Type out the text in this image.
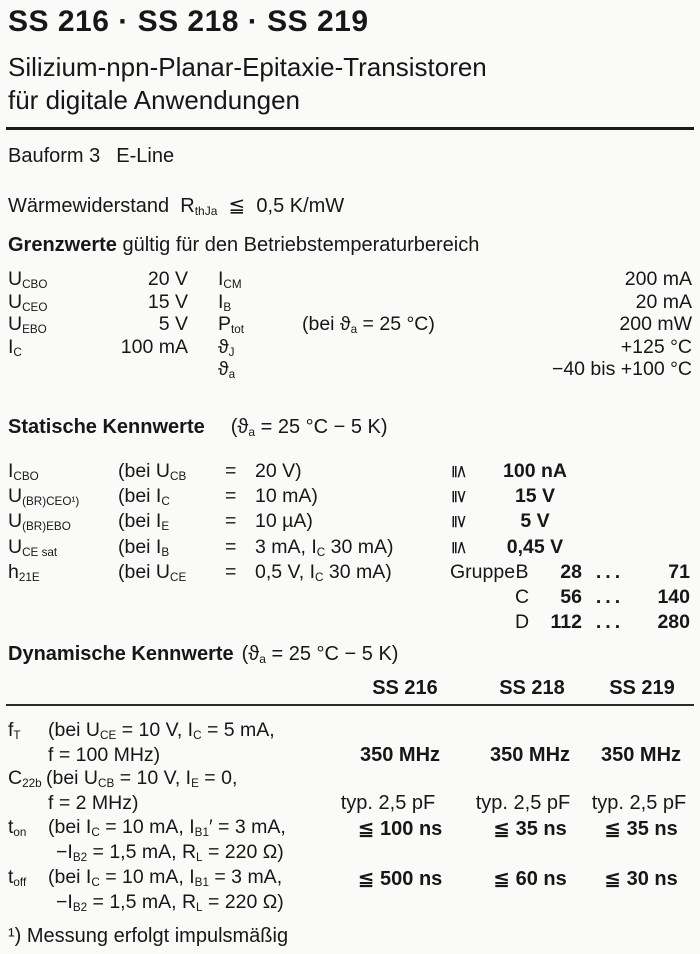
SS 216 · SS 218 · SS 219
Silizium-npn-Planar-Epitaxie-Transistoren
für digitale Anwendungen
Bauform 3 E-Line
Wärmewiderstand  $R_{thJa}$  ≦  0,5 K/mW
Grenzwerte gültig für den Betriebstemperaturbereich
$U_{CBO}$	20 V $I_{CM}$	200 mA
$U_{CEO}$	15 V $I_B$	20 mA
$U_{EBO}$	5 V $P_{tot}$	(bei $ϑ_a = 25$ °C)	200 mW
$I_C$	100 mA $ϑ_J$	+125 °C
$ϑ_a$	−40 bis +100 °C
Statische Kennwerte ($ϑ_a = 25$ °C − 5 K)
$I_{CBO}$	(bei $U_{CB}$	= 20 V)	≦	100 nA
$U_{(BR)CEO^1)}$	(bei $I_C$	= 10 mA)	≧	15 V
$U_{(BR)EBO}$	(bei $I_E$	= 10 µA)	≧	5 V
$U_{CE sat}$	(bei $I_B$	= 3 mA, $I_C$ 30 mA)	≦	0,45 V
$h_{21E}$	(bei $U_{CE}$	= 0,5 V, $I_C$ 30 mA)	Gruppe B	28 ...	71
C	56 ...	140
D	112 ...	280
Dynamische Kennwerte ($ϑ_a = 25$ °C − 5 K)
SS 216	SS 218 SS 219
$f_T$ (bei $U_{CE} = 10$ V, $I_C = 5$ mA,
f = 100 MHz)	350 MHz 350 MHz 350 MHz
$C_{22b}$ (bei $U_{CB} = 10$ V, $I_E = 0$,
f = 2 MHz)	typ. 2,5 pF typ. 2,5 pF typ. 2,5 pF
$t_{on}$ (bei $I_C = 10$ mA, $I_{B1}' = 3$ mA,
$-I_{B2} = 1,5$ mA, $R_L = 220$ Ω)
≦ 100 ns	≦ 35 ns ≦ 35 ns
$t_{off}$ (bei $I_C = 10$ mA, $I_{B1} = 3$ mA,
$-I_{B2} = 1,5$ mA, $R_L = 220$ Ω)
≦ 500 ns	≦ 60 ns ≦ 30 ns
¹) Messung erfolgt impulsmäßig
